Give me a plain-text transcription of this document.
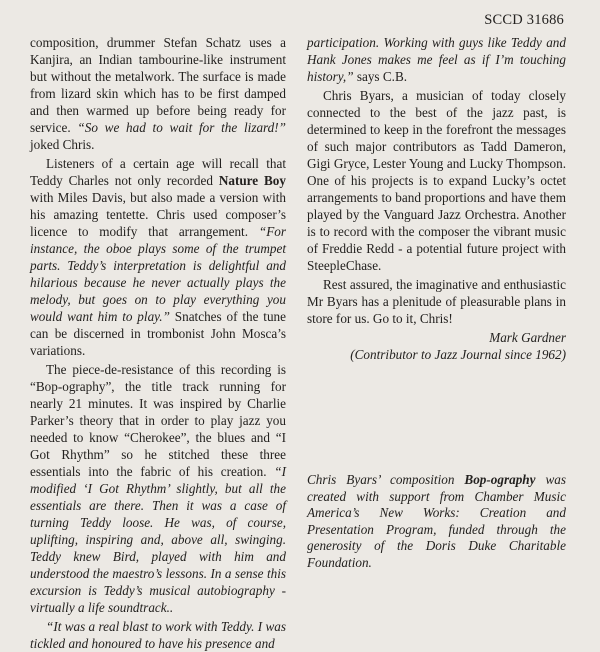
SCCD 31686

composition, drummer Stefan Schatz uses a Kanjira, an Indian tambourine-like instrument but without the metalwork. The surface is made from lizard skin which has to be first damped and then warmed up before being ready for service. “So we had to wait for the lizard!” joked Chris.

Listeners of a certain age will recall that Teddy Charles not only recorded Nature Boy with Miles Davis, but also made a version with his amazing tentette. Chris used composer’s licence to modify that arrangement. “For instance, the oboe plays some of the trumpet parts. Teddy’s interpretation is delightful and hilarious because he never actually plays the melody, but goes on to play everything you would want him to play.” Snatches of the tune can be discerned in trombonist John Mosca’s variations.

The piece-de-resistance of this recording is “Bop-ography”, the title track running for nearly 21 minutes. It was inspired by Charlie Parker’s theory that in order to play jazz you needed to know “Cherokee”, the blues and “I Got Rhythm” so he stitched these three essentials into the fabric of his creation. “I modified ‘I Got Rhythm’ slightly, but all the essentials are there. Then it was a case of turning Teddy loose. He was, of course, uplifting, inspiring and, above all, swinging. Teddy knew Bird, played with him and understood the maestro’s lessons. In a sense this excursion is Teddy’s musical autobiography - virtually a life soundtrack..

“It was a real blast to work with Teddy. I was tickled and honoured to have his presence and

participation. Working with guys like Teddy and Hank Jones makes me feel as if I’m touching history,” says C.B.

Chris Byars, a musician of today closely connected to the best of the jazz past, is determined to keep in the forefront the messages of such major contributors as Tadd Dameron, Gigi Gryce, Lester Young and Lucky Thompson. One of his projects is to expand Lucky’s octet arrangements to band proportions and have them played by the Vanguard Jazz Orchestra. Another is to record with the composer the vibrant music of Freddie Redd - a potential future project with SteepleChase.

Rest assured, the imaginative and enthusiastic Mr Byars has a plenitude of pleasurable plans in store for us. Go to it, Chris!

Mark Gardner
(Contributor to Jazz Journal since 1962)
Chris Byars’ composition Bop-ography was created with support from Chamber Music America’s New Works: Creation and Presentation Program, funded through the generosity of the Doris Duke Charitable Foundation.
